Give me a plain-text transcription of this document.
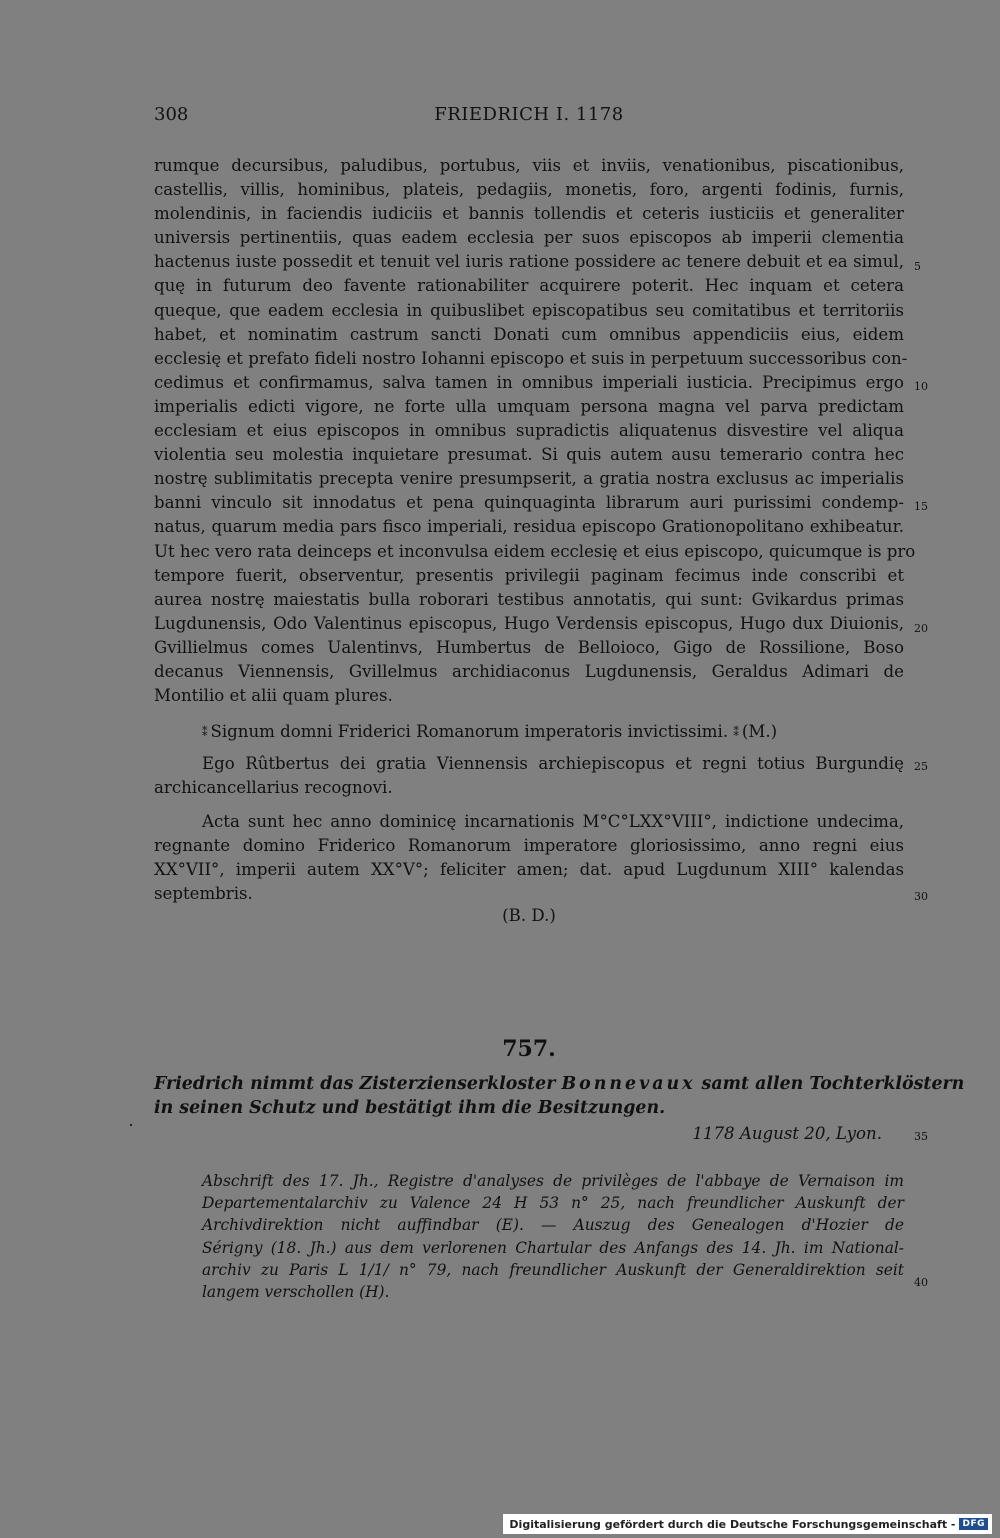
308	FRIEDRICH I. 1178
rumque decursibus, paludibus, portubus, viis et inviis, venationibus, piscationibus,
castellis, villis, hominibus, plateis, pedagiis, monetis, foro, argenti fodinis, furnis,
molendinis, in faciendis iudiciis et bannis tollendis et ceteris iusticiis et generaliter
universis pertinentiis, quas eadem ecclesia per suos episcopos ab imperii clementia
hactenus iuste possedit et tenuit vel iuris ratione possidere ac tenere debuit et ea simul,
quę in futurum deo favente rationabiliter acquirere poterit. Hec inquam et cetera
queque, que eadem ecclesia in quibuslibet episcopatibus seu comitatibus et territoriis
habet, et nominatim castrum sancti Donati cum omnibus appendiciis eius, eidem
ecclesię et prefato fideli nostro Iohanni episcopo et suis in perpetuum successoribus con-
cedimus et confirmamus, salva tamen in omnibus imperiali iusticia. Precipimus ergo
imperialis edicti vigore, ne forte ulla umquam persona magna vel parva predictam
ecclesiam et eius episcopos in omnibus supradictis aliquatenus disvestire vel aliqua
violentia seu molestia inquietare presumat. Si quis autem ausu temerario contra hec
nostrę sublimitatis precepta venire presumpserit, a gratia nostra exclusus ac imperialis
banni vinculo sit innodatus et pena quinquaginta librarum auri purissimi condemp-
natus, quarum media pars fisco imperiali, residua episcopo Grationopolitano exhibeatur.
Ut hec vero rata deinceps et inconvulsa eidem ecclesię et eius episcopo, quicumque is pro
tempore fuerit, observentur, presentis privilegii paginam fecimus inde conscribi et
aurea nostrę maiestatis bulla roborari testibus annotatis, qui sunt: Gvikardus primas
Lugdunensis, Odo Valentinus episcopus, Hugo Verdensis episcopus, Hugo dux Diuionis,
Gvillielmus comes Ualentinvs, Humbertus de Belloioco, Gigo de Rossilione, Boso
decanus Viennensis, Gvillelmus archidiaconus Lugdunensis, Geraldus Adimari de
Montilio et alii quam plures.
⁑ Signum domni Friderici Romanorum imperatoris invictissimi. ⁑ (M.)
Ego Rûtbertus dei gratia Viennensis archiepiscopus et regni totius Burgundię
archicancellarius recognovi.
Acta sunt hec anno dominicę incarnationis M°C°LXX°VIII°, indictione undecima,
regnante domino Friderico Romanorum imperatore gloriosissimo, anno regni eius
XX°VII°, imperii autem XX°V°; feliciter amen; dat. apud Lugdunum XIII° kalendas
septembris.
(B. D.)
5
10
15
20
25
30
35
40
757.
Friedrich nimmt das Zisterzienserkloster Bonnevaux samt allen Tochterklöstern
in seinen Schutz und bestätigt ihm die Besitzungen.
1178 August 20, Lyon.
Abschrift des 17. Jh., Registre d'analyses de privilèges de l'abbaye de Vernaison im
Departementalarchiv zu Valence 24 H 53 n° 25, nach freundlicher Auskunft der
Archivdirektion nicht auffindbar (E). — Auszug des Genealogen d'Hozier de
Sérigny (18. Jh.) aus dem verlorenen Chartular des Anfangs des 14. Jh. im National-
archiv zu Paris L 1/1/ n° 79, nach freundlicher Auskunft der Generaldirektion seit
langem verschollen (H).
Digitalisierung gefördert durch die Deutsche Forschungsgemeinschaft - DFG
